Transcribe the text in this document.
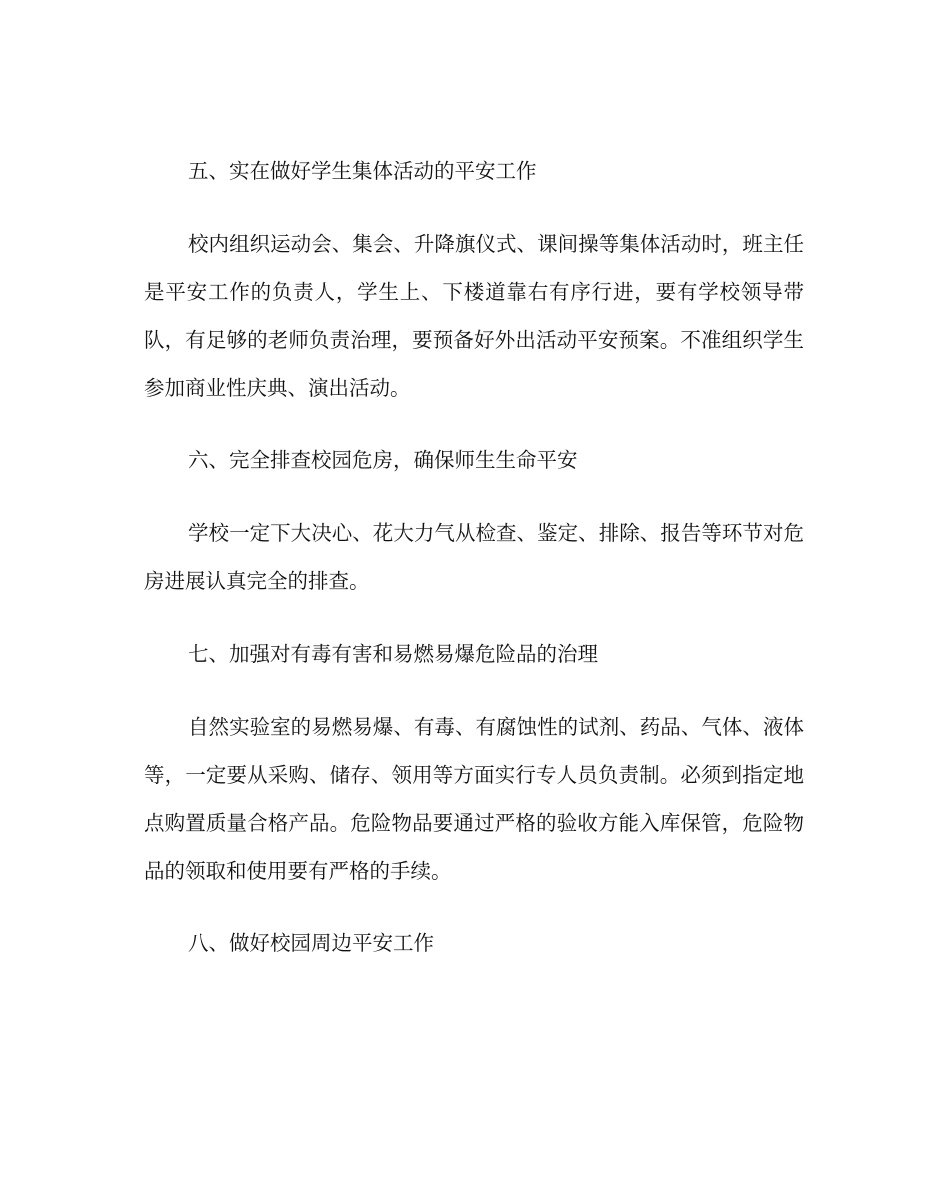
五、实在做好学生集体活动的平安工作

校内组织运动会、集会、升降旗仪式、课间操等集体活动时，班主任是平安工作的负责人，学生上、下楼道靠右有序行进，要有学校领导带队，有足够的老师负责治理，要预备好外出活动平安预案。不准组织学生参加商业性庆典、演出活动。

六、完全排查校园危房，确保师生生命平安

学校一定下大决心、花大力气从检查、鉴定、排除、报告等环节对危房进展认真完全的排查。

七、加强对有毒有害和易燃易爆危险品的治理

自然实验室的易燃易爆、有毒、有腐蚀性的试剂、药品、气体、液体等，一定要从采购、储存、领用等方面实行专人员负责制。必须到指定地点购置质量合格产品。危险物品要通过严格的验收方能入库保管，危险物品的领取和使用要有严格的手续。

八、做好校园周边平安工作
